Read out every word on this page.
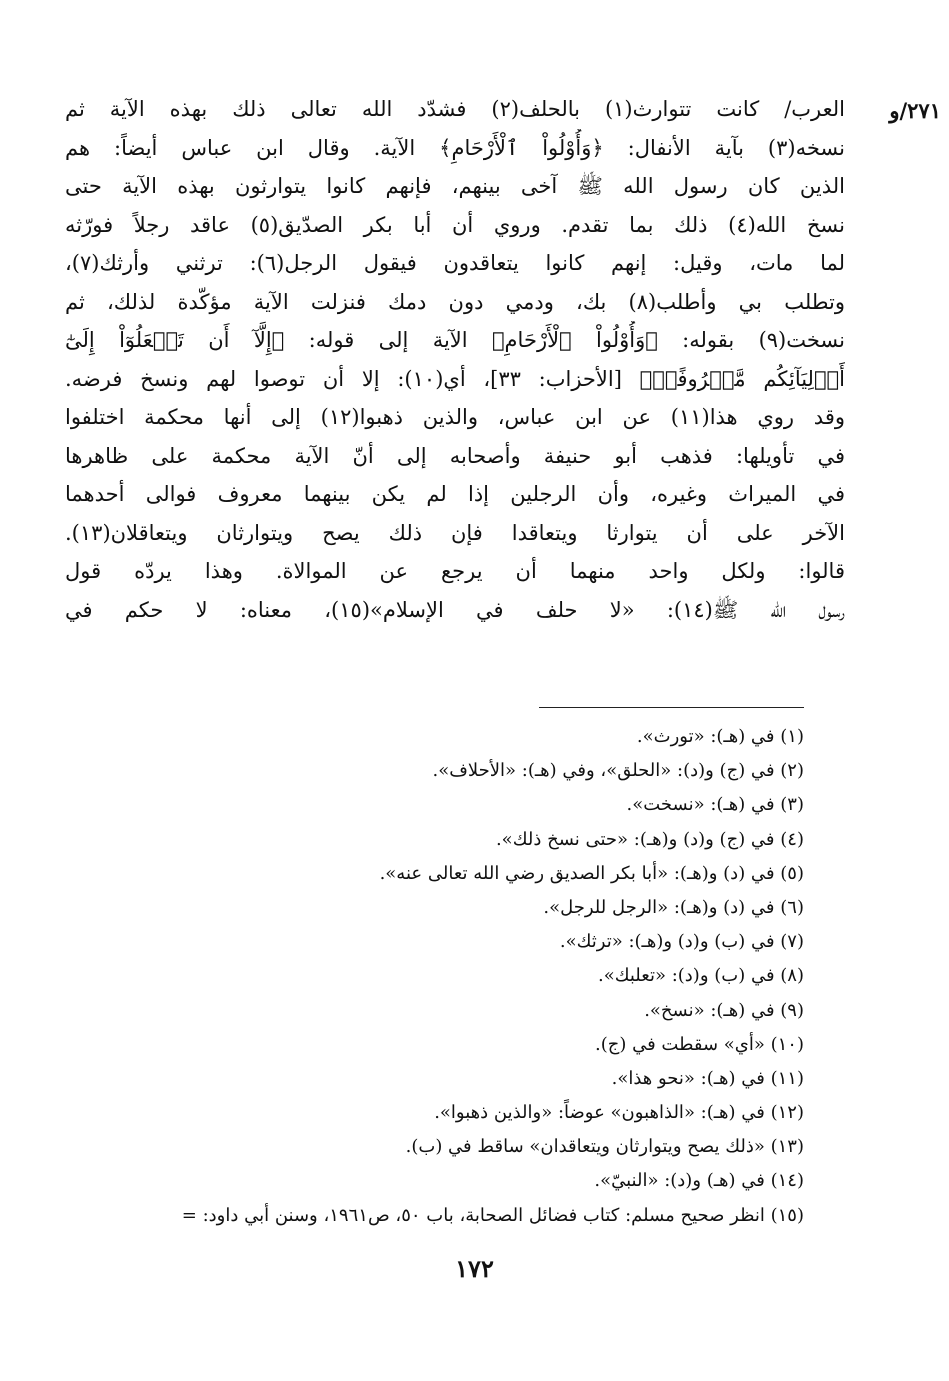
٢٧١/و
العرب/ كانت تتوارث(١) بالحلف(٢) فشدّد الله تعالى ذلك بهذه الآية ثم
نسخه(٣) بآية الأنفال: ﴿وَأُوْلُواْ ٱلْأَرْحَامِ﴾ الآية. وقال ابن عباس أيضاً: هم
الذين كان رسول الله ﷺ آخى بينهم، فإنهم كانوا يتوارثون بهذه الآية حتى
نسخ الله(٤) ذلك بما تقدم. وروي أن أبا بكر الصدّيق(٥) عاقد رجلاً فورّثه
لما مات، وقيل: إنهم كانوا يتعاقدون فيقول الرجل(٦): ترثني وأرثك(٧)،
وتطلب بي وأطلب(٨) بك، ودمي دون دمك فنزلت الآية مؤكّدة لذلك، ثم
نسخت(٩) بقوله: ﴿وَأُوْلُواْ ٱلْأَرْحَامِ﴾ الآية إلى قوله: ﴿إِلَّآ أَن تَفۡعَلُوٓاْ إِلَىٰٓ
أَوۡلِيَآئِكُم مَّعۡرُوفًاۚ﴾ [الأحزاب: ٣٣]، أي(١٠): إلا أن توصوا لهم ونسخ فرضه.
وقد روي هذا(١١) عن ابن عباس، والذين ذهبوا(١٢) إلى أنها محكمة اختلفوا
في تأويلها: فذهب أبو حنيفة وأصحابه إلى أنّ الآية محكمة على ظاهرها
في الميراث وغيره، وأن الرجلين إذا لم يكن بينهما معروف فوالى أحدهما
الآخر على أن يتوارثا ويتعاقدا فإن ذلك يصح ويتوارثان ويتعاقلان(١٣).
قالوا: ولكل واحد منهما أن يرجع عن الموالاة. وهذا يردّه قول
رسول الله ﷺ(١٤): «لا حلف في الإسلام»(١٥)، معناه: لا حكم في
(١) في (هـ): «تورث».
(٢) في (ج) و(د): «الحلق»، وفي (هـ): «الأحلاف».
(٣) في (هـ): «نسخت».
(٤) في (ج) و(د) و(هـ): «حتى نسخ ذلك».
(٥) في (د) و(هـ): «أبا بكر الصديق رضي الله تعالى عنه».
(٦) في (د) و(هـ): «الرجل للرجل».
(٧) في (ب) و(د) و(هـ): «ترثك».
(٨) في (ب) و(د): «تعلبك».
(٩) في (هـ): «نسخ».
(١٠) «أي» سقطت في (ج).
(١١) في (هـ): «نحو هذا».
(١٢) في (هـ): «الذاهبون» عوضاً: «والذين ذهبوا».
(١٣) «ذلك يصح ويتوارثان ويتعاقدان» ساقط في (ب).
(١٤) في (هـ) و(د): «النبيّ».
(١٥) انظر صحيح مسلم: كتاب فضائل الصحابة، باب ٥٠، ص١٩٦١، وسنن أبي داود: =
١٧٢
